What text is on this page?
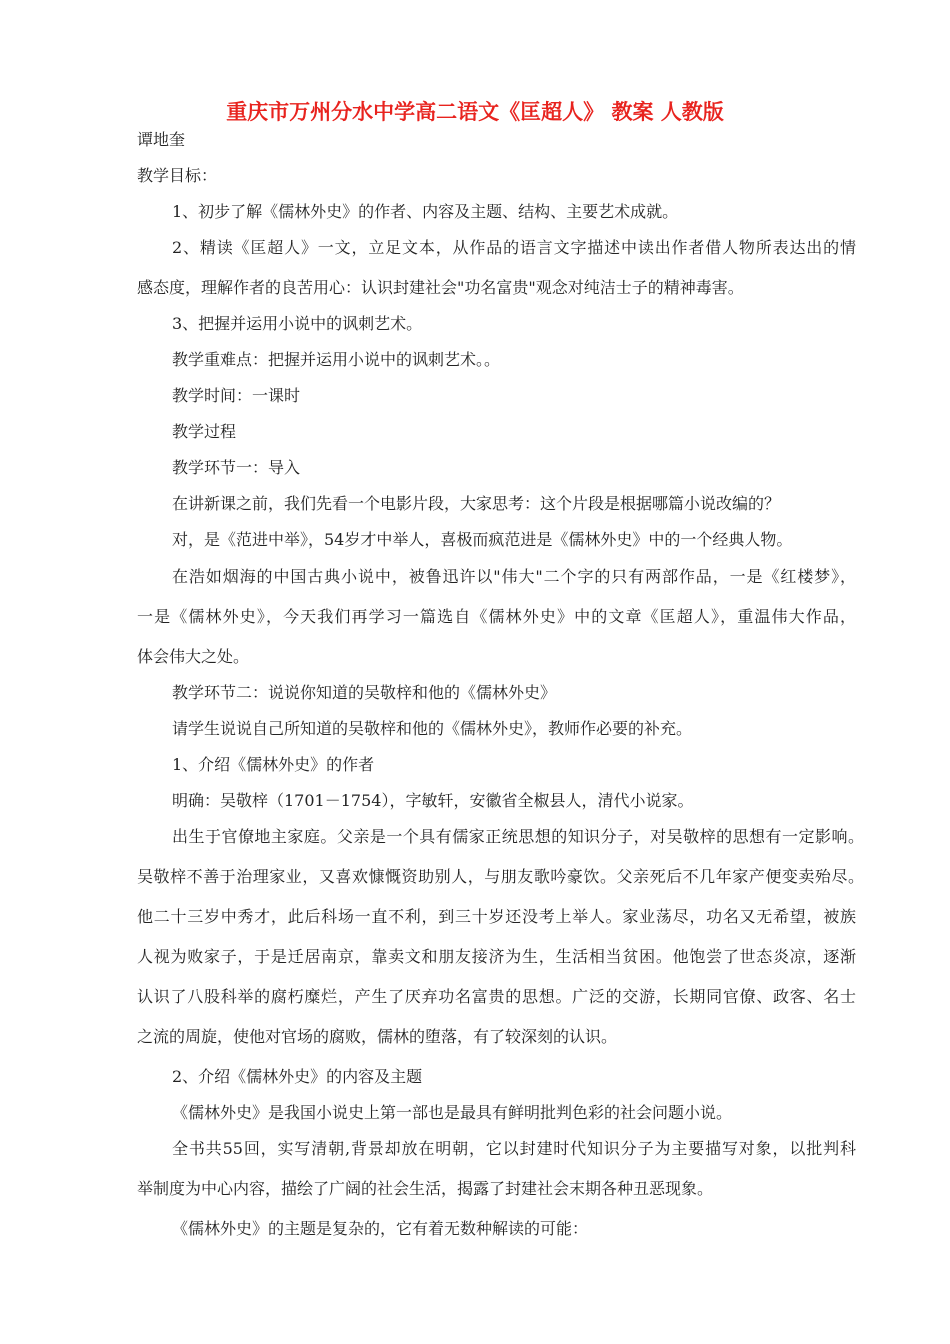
重庆市万州分水中学高二语文《匡超人》 教案 人教版

谭地奎

教学目标：

1、初步了解《儒林外史》的作者、内容及主题、结构、主要艺术成就。

2、精读《匡超人》一文，立足文本，从作品的语言文字描述中读出作者借人物所表达出的情

感态度，理解作者的良苦用心：认识封建社会"功名富贵"观念对纯洁士子的精神毒害。

3、把握并运用小说中的讽刺艺术。

教学重难点：把握并运用小说中的讽刺艺术。。

教学时间：一课时

教学过程

教学环节一：导入

在讲新课之前，我们先看一个电影片段，大家思考：这个片段是根据哪篇小说改编的？

对，是《范进中举》，54岁才中举人，喜极而疯范进是《儒林外史》中的一个经典人物。

在浩如烟海的中国古典小说中，被鲁迅许以"伟大"二个字的只有两部作品，一是《红楼梦》，

一是《儒林外史》，今天我们再学习一篇选自《儒林外史》中的文章《匡超人》，重温伟大作品，

体会伟大之处。

教学环节二：说说你知道的吴敬梓和他的《儒林外史》

请学生说说自己所知道的吴敬梓和他的《儒林外史》，教师作必要的补充。

1、介绍《儒林外史》的作者

明确：吴敬梓（1701－1754），字敏轩，安徽省全椒县人，清代小说家。

出生于官僚地主家庭。父亲是一个具有儒家正统思想的知识分子，对吴敬梓的思想有一定影响。

吴敬梓不善于治理家业，又喜欢慷慨资助别人，与朋友歌吟豪饮。父亲死后不几年家产便变卖殆尽。

他二十三岁中秀才，此后科场一直不利，到三十岁还没考上举人。家业荡尽，功名又无希望，被族

人视为败家子，于是迁居南京，靠卖文和朋友接济为生，生活相当贫困。他饱尝了世态炎凉，逐渐

认识了八股科举的腐朽糜烂，产生了厌弃功名富贵的思想。广泛的交游，长期同官僚、政客、名士

之流的周旋，使他对官场的腐败，儒林的堕落，有了较深刻的认识。

2、介绍《儒林外史》的内容及主题

《儒林外史》是我国小说史上第一部也是最具有鲜明批判色彩的社会问题小说。

全书共55回，实写清朝,背景却放在明朝，它以封建时代知识分子为主要描写对象，以批判科

举制度为中心内容，描绘了广阔的社会生活，揭露了封建社会末期各种丑恶现象。

《儒林外史》的主题是复杂的，它有着无数种解读的可能：
